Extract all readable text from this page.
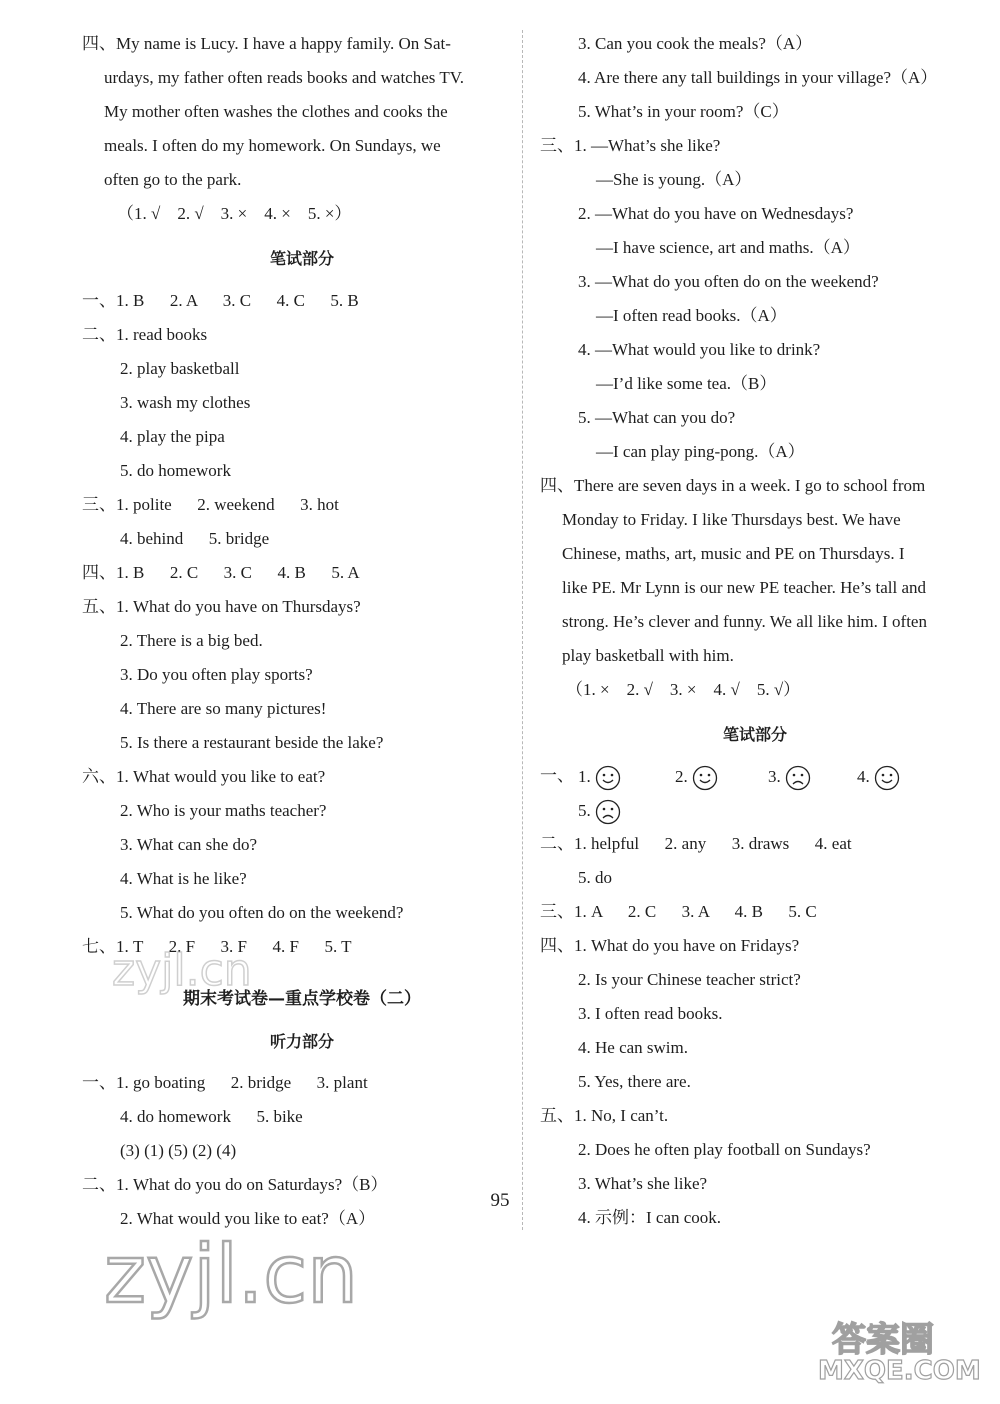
四、My name is Lucy. I have a happy family. On Sat-
urdays, my father often reads books and watches TV.
My mother often washes the clothes and cooks the
meals. I often do my homework. On Sundays, we
often go to the park.
（1. √    2. √    3. ×    4. ×    5. ×）
笔试部分
一、1. B      2. A      3. C      4. C      5. B
二、1. read books
2. play basketball
3. wash my clothes
4. play the pipa
5. do homework
三、1. polite      2. weekend      3. hot
4. behind      5. bridge
四、1. B      2. C      3. C      4. B      5. A
五、1. What do you have on Thursdays?
2. There is a big bed.
3. Do you often play sports?
4. There are so many pictures!
5. Is there a restaurant beside the lake?
六、1. What would you like to eat?
2. Who is your maths teacher?
3. What can she do?
4. What is he like?
5. What do you often do on the weekend?
七、1. T      2. F      3. F      4. F      5. T
期末考试卷—重点学校卷（二）
听力部分
一、1. go boating      2. bridge      3. plant
4. do homework      5. bike
(3) (1) (5) (2) (4)
二、1. What do you do on Saturdays?（B）
2. What would you like to eat?（A）
3. Can you cook the meals?（A）
4. Are there any tall buildings in your village?（A）
5. What’s in your room?（C）
三、1. —What’s she like?
—She is young.（A）
2. —What do you have on Wednesdays?
—I have science, art and maths.（A）
3. —What do you often do on the weekend?
—I often read books.（A）
4. —What would you like to drink?
—I’d like some tea.（B）
5. —What can you do?
—I can play ping-pong.（A）
四、There are seven days in a week. I go to school from
Monday to Friday. I like Thursdays best. We have
Chinese, maths, art, music and PE on Thursdays. I
like PE. Mr Lynn is our new PE teacher. He’s tall and
strong. He’s clever and funny. We all like him. I often
play basketball with him.
（1. ×    2. √    3. ×    4. √    5. √）
笔试部分
一、 1.	2.	3.	4.
5.
二、1. helpful      2. any      3. draws      4. eat
5. do
三、1. A      2. C      3. A      4. B      5. C
四、1. What do you have on Fridays?
2. Is your Chinese teacher strict?
3. I often read books.
4. He can swim.
5. Yes, there are.
五、1. No, I can’t.
2. Does he often play football on Sundays?
3. What’s she like?
4. 示例：I can cook.
95
zyjl.cn
zyjl.cn
答案圈
MXQE.COM
